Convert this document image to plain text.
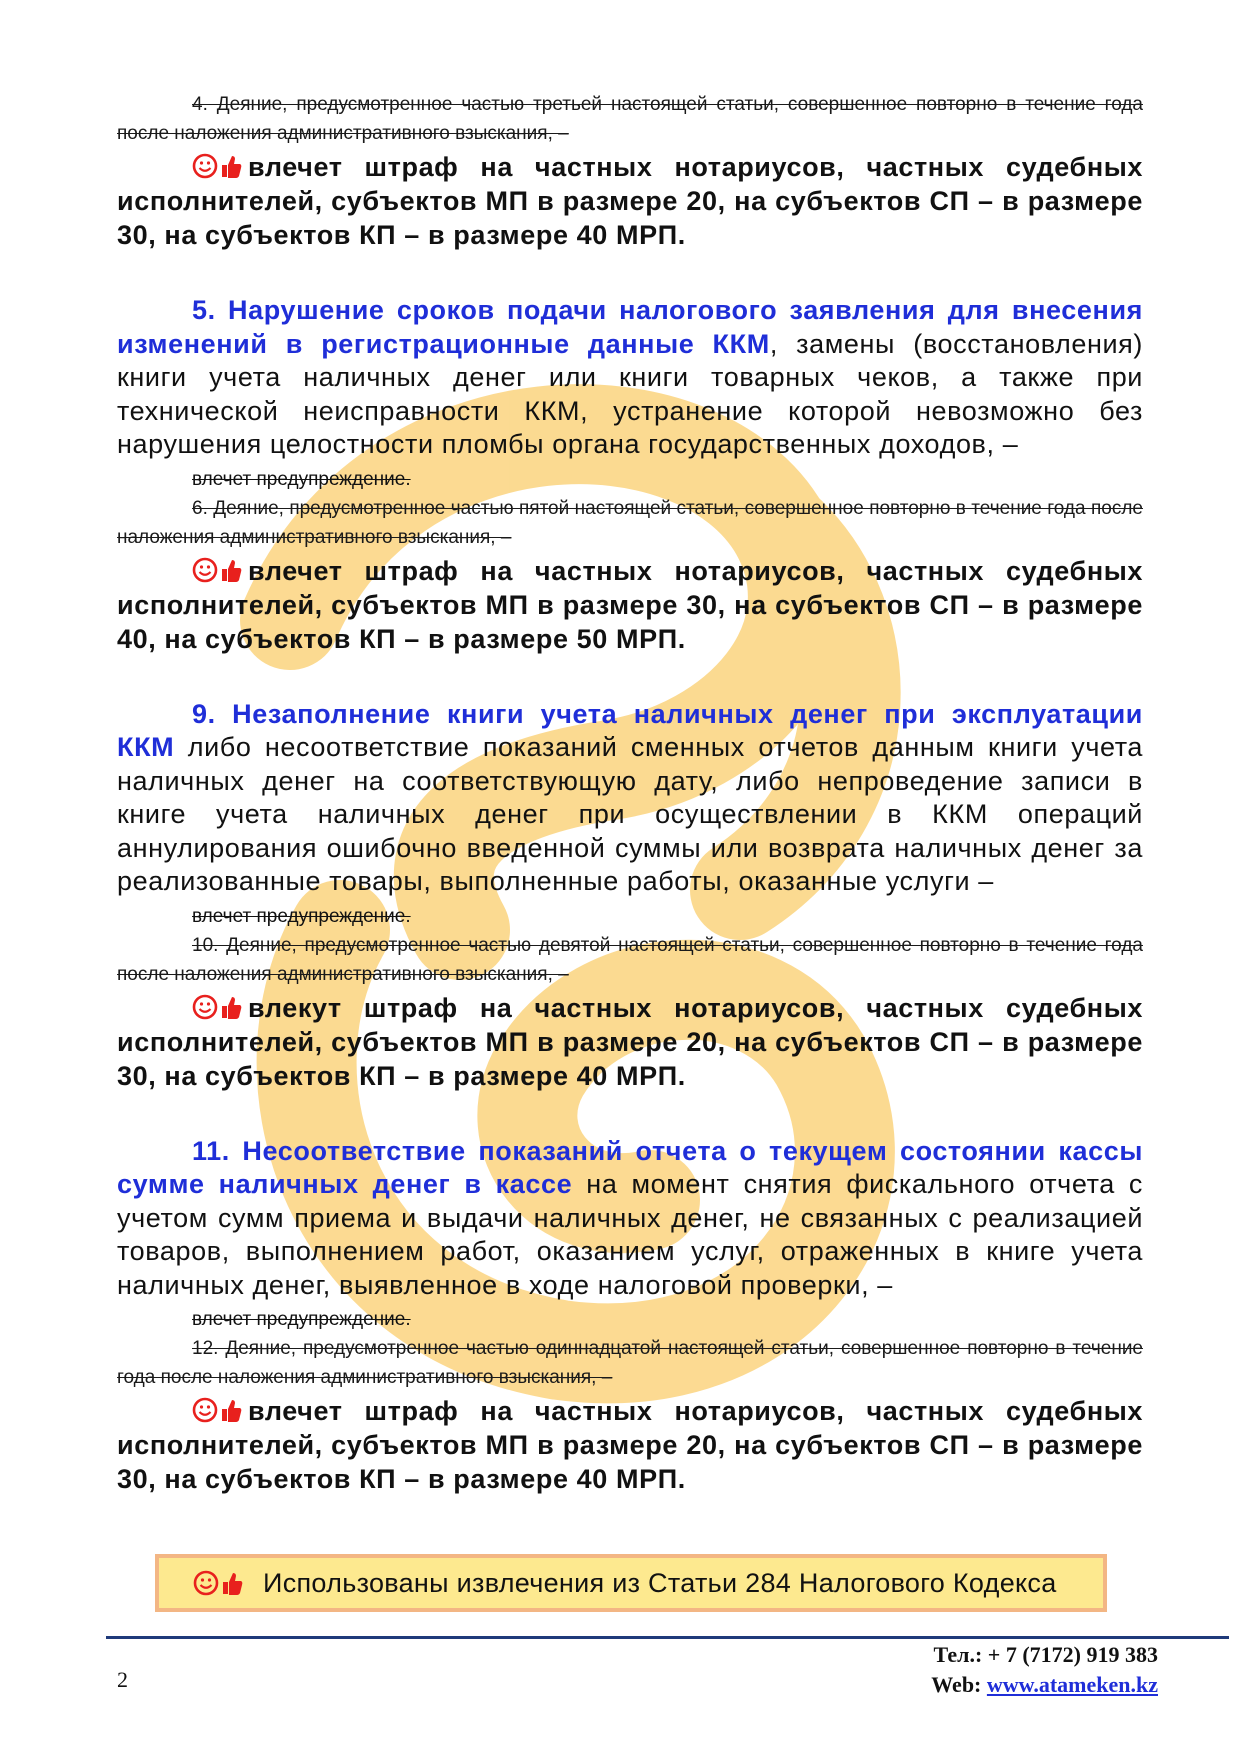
4. Деяние, предусмотренное частью третьей настоящей статьи, совершенное повторно в течение года после наложения административного взыскания, –

влечет штраф на частных нотариусов, частных судебных исполнителей, субъектов МП в размере 20, на субъектов СП – в размере 30, на субъектов КП – в размере 40 МРП.

5. Нарушение сроков подачи налогового заявления для внесения изменений в регистрационные данные ККМ, замены (восстановления) книги учета наличных денег или книги товарных чеков, а также при технической неисправности ККМ, устранение которой невозможно без нарушения целостности пломбы органа государственных доходов, –

влечет предупреждение.

6. Деяние, предусмотренное частью пятой настоящей статьи, совершенное повторно в течение года после наложения административного взыскания, –

влечет штраф на частных нотариусов, частных судебных исполнителей, субъектов МП в размере 30, на субъектов СП – в размере 40, на субъектов КП – в размере 50 МРП.

9. Незаполнение книги учета наличных денег при эксплуатации ККМ либо несоответствие показаний сменных отчетов данным книги учета наличных денег на соответствующую дату, либо непроведение записи в книге учета наличных денег при осуществлении в ККМ операций аннулирования ошибочно введенной суммы или возврата наличных денег за реализованные товары, выполненные работы, оказанные услуги –

влечет предупреждение.

10. Деяние, предусмотренное частью девятой настоящей статьи, совершенное повторно в течение года после наложения административного взыскания, –

влекут штраф на частных нотариусов, частных судебных исполнителей, субъектов МП в размере 20, на субъектов СП – в размере 30, на субъектов КП – в размере 40 МРП.

11. Несоответствие показаний отчета о текущем состоянии кассы сумме наличных денег в кассе на момент снятия фискального отчета с учетом сумм приема и выдачи наличных денег, не связанных с реализацией товаров, выполнением работ, оказанием услуг, отраженных в книге учета наличных денег, выявленное в ходе налоговой проверки, –

влечет предупреждение.

12. Деяние, предусмотренное частью одиннадцатой настоящей статьи, совершенное повторно в течение года после наложения административного взыскания, –

влечет штраф на частных нотариусов, частных судебных исполнителей, субъектов МП в размере 20, на субъектов СП – в размере 30, на субъектов КП – в размере 40 МРП.

Использованы извлечения из Статьи 284 Налогового Кодекса
2
Тел.: + 7 (7172) 919 383
Web: www.atameken.kz
